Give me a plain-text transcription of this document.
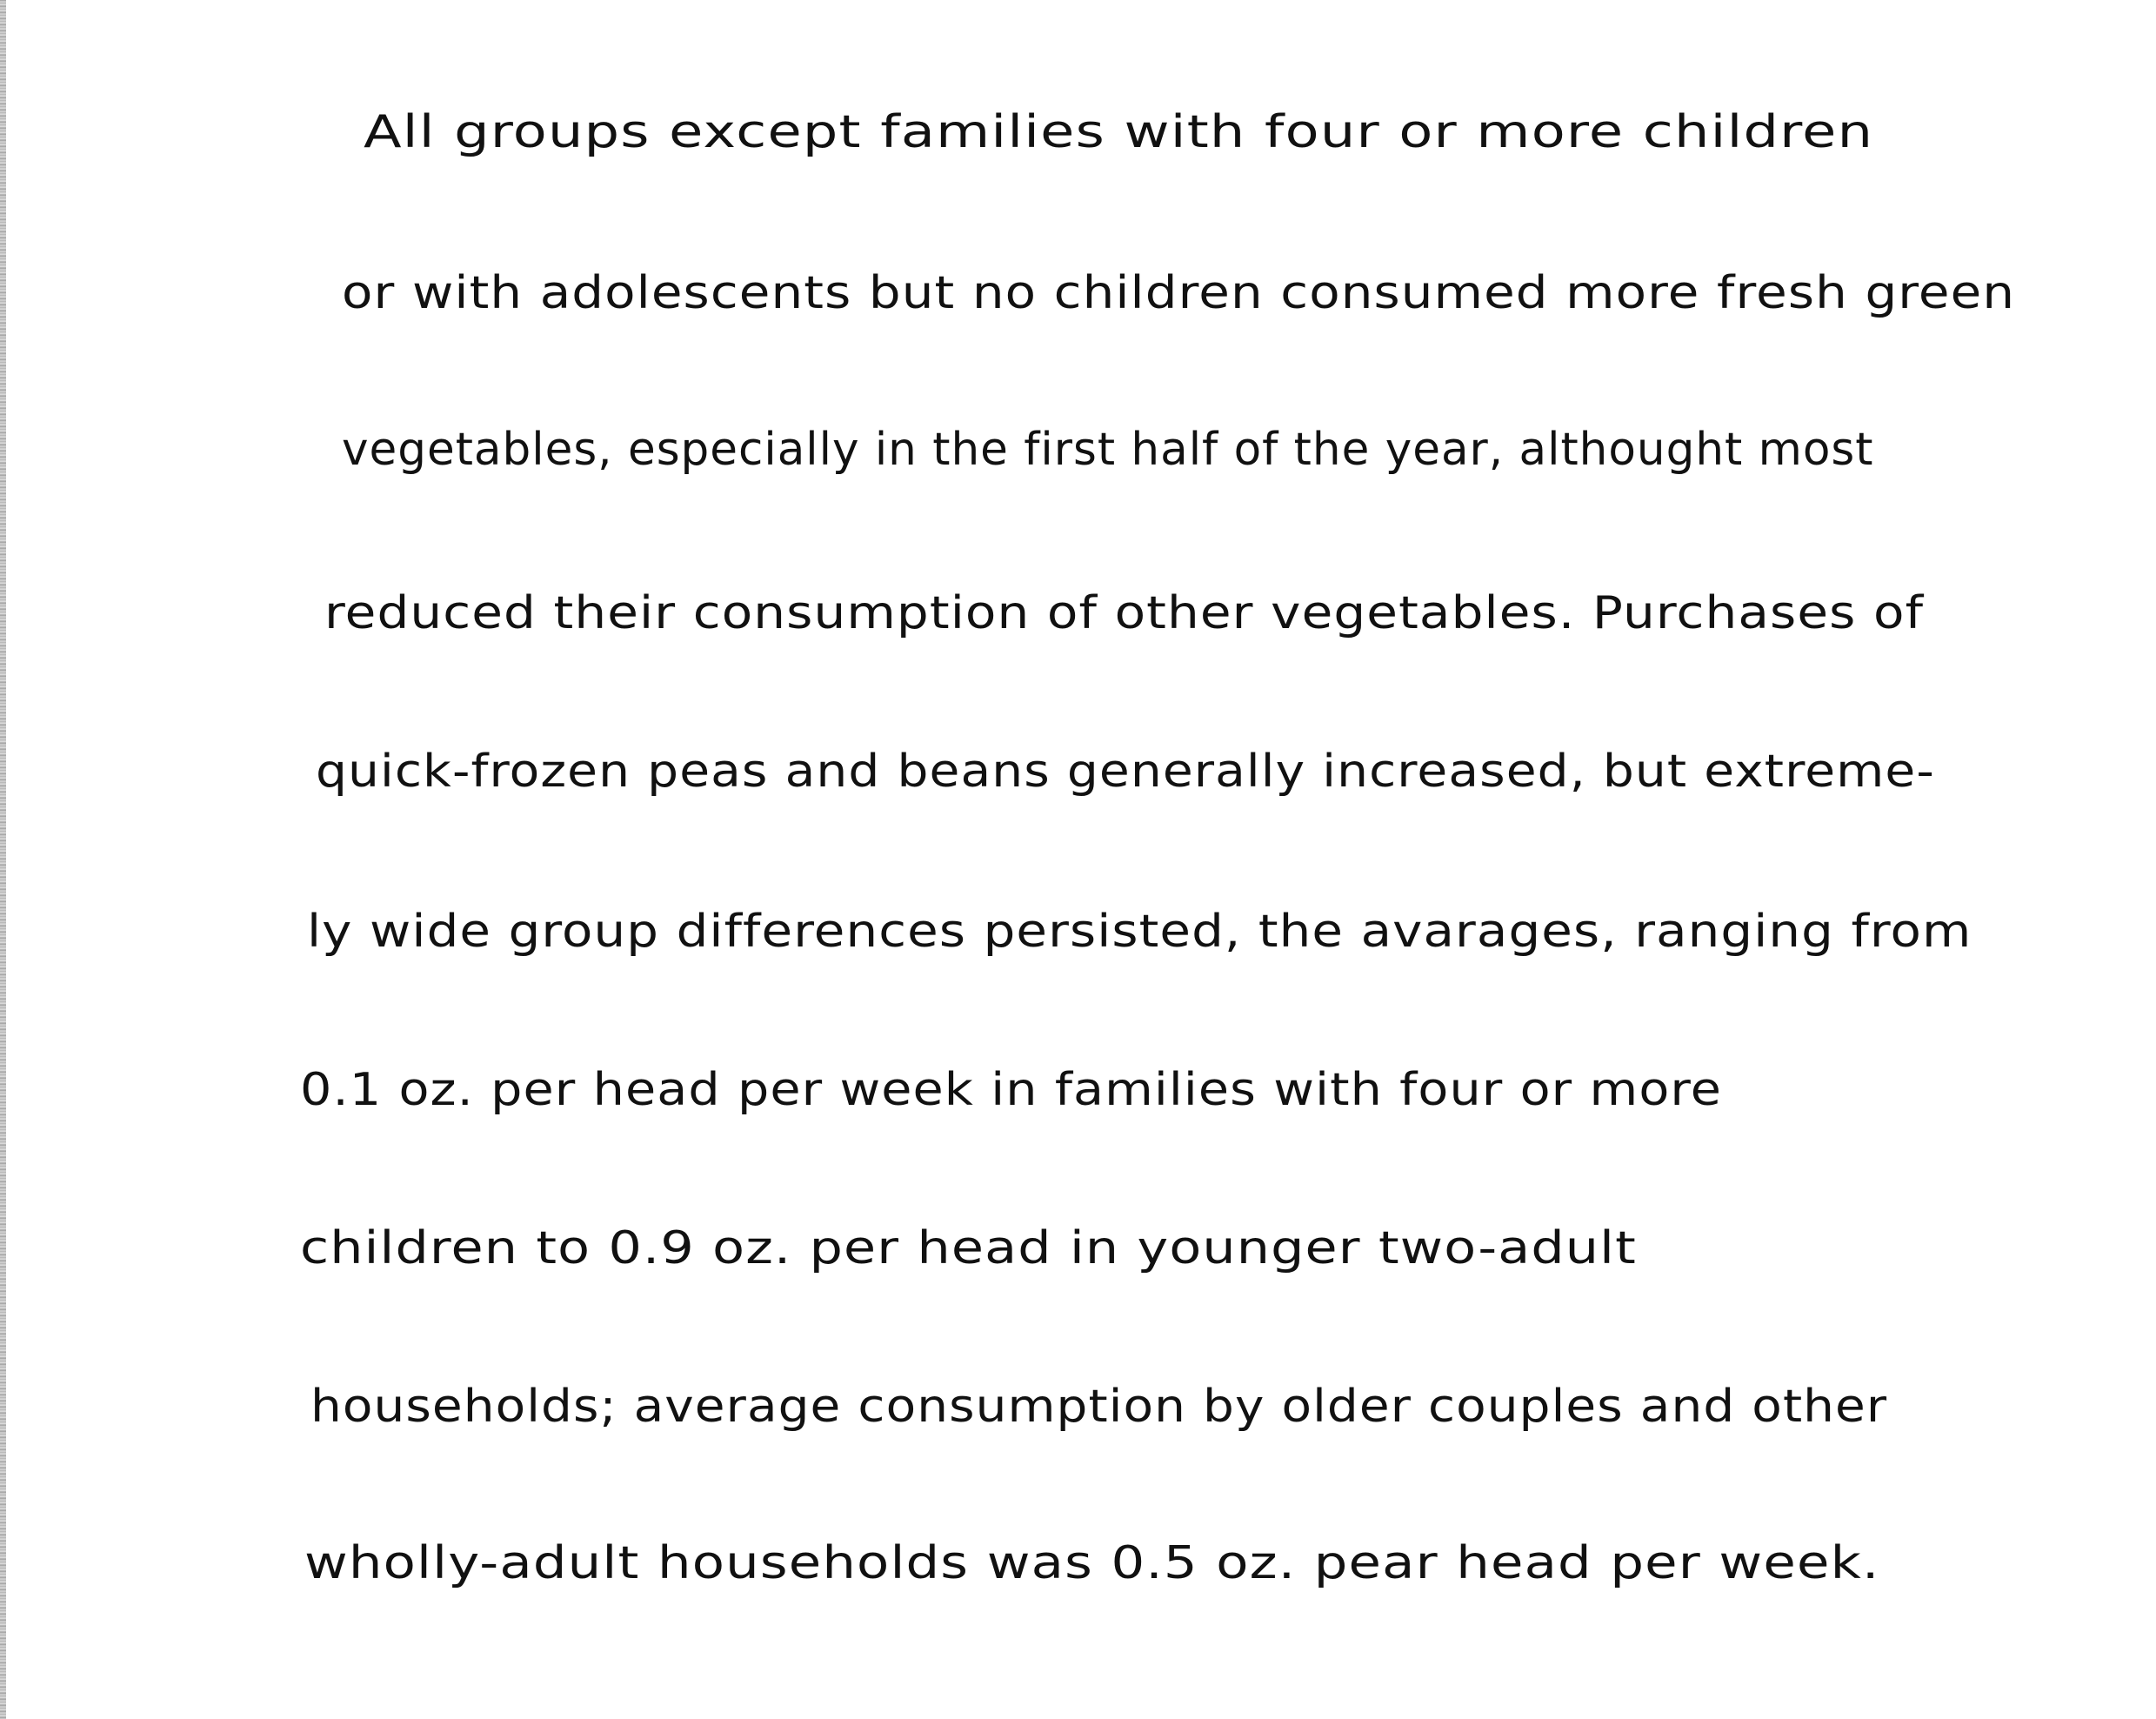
All groups except families with four or more children

or with adolescents but no children consumed more fresh green

vegetables, especially in the first half of the year, althought most

reduced their consumption of other vegetables. Purchases of

quick-frozen peas and beans generally increased, but extreme-

ly wide group differences persisted, the avarages, ranging from

0.1 oz. per head per week in families with four or more

children to 0.9 oz. per head in younger two-adult

households; average consumption by older couples and other

wholly-adult households was 0.5 oz. pear head per week.
